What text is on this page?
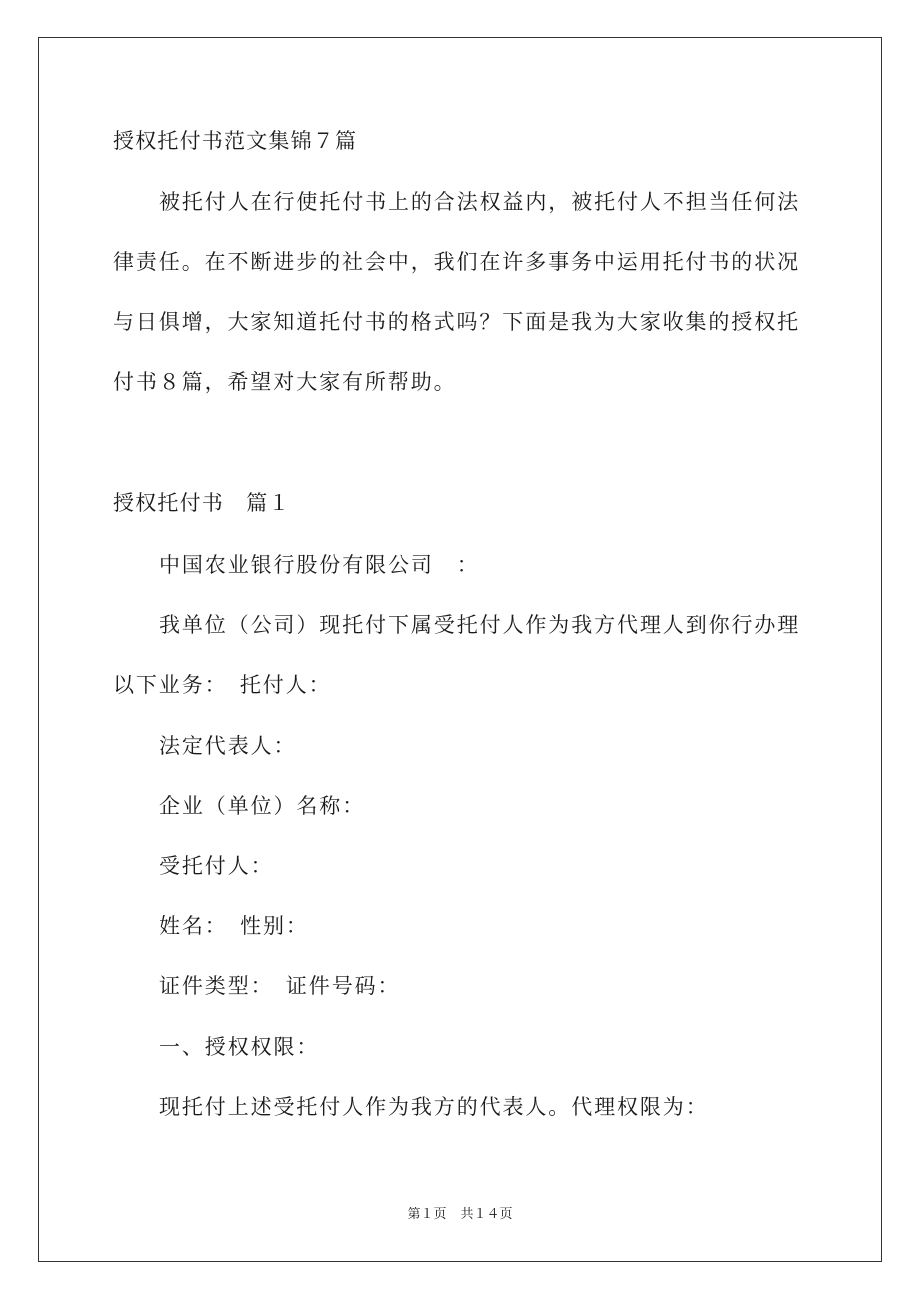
授权托付书范文集锦７篇
被托付人在行使托付书上的合法权益内，被托付人不担当任何法
律责任。在不断进步的社会中，我们在许多事务中运用托付书的状况
与日俱增，大家知道托付书的格式吗？下面是我为大家收集的授权托
付书８篇，希望对大家有所帮助。
授权托付书　篇１
中国农业银行股份有限公司　：
我单位（公司）现托付下属受托付人作为我方代理人到你行办理
以下业务：　托付人：
法定代表人：
企业（单位）名称：
受托付人：
姓名：　性别：
证件类型：　证件号码：
一、授权权限：
现托付上述受托付人作为我方的代表人。代理权限为：
第１页 共１４页
